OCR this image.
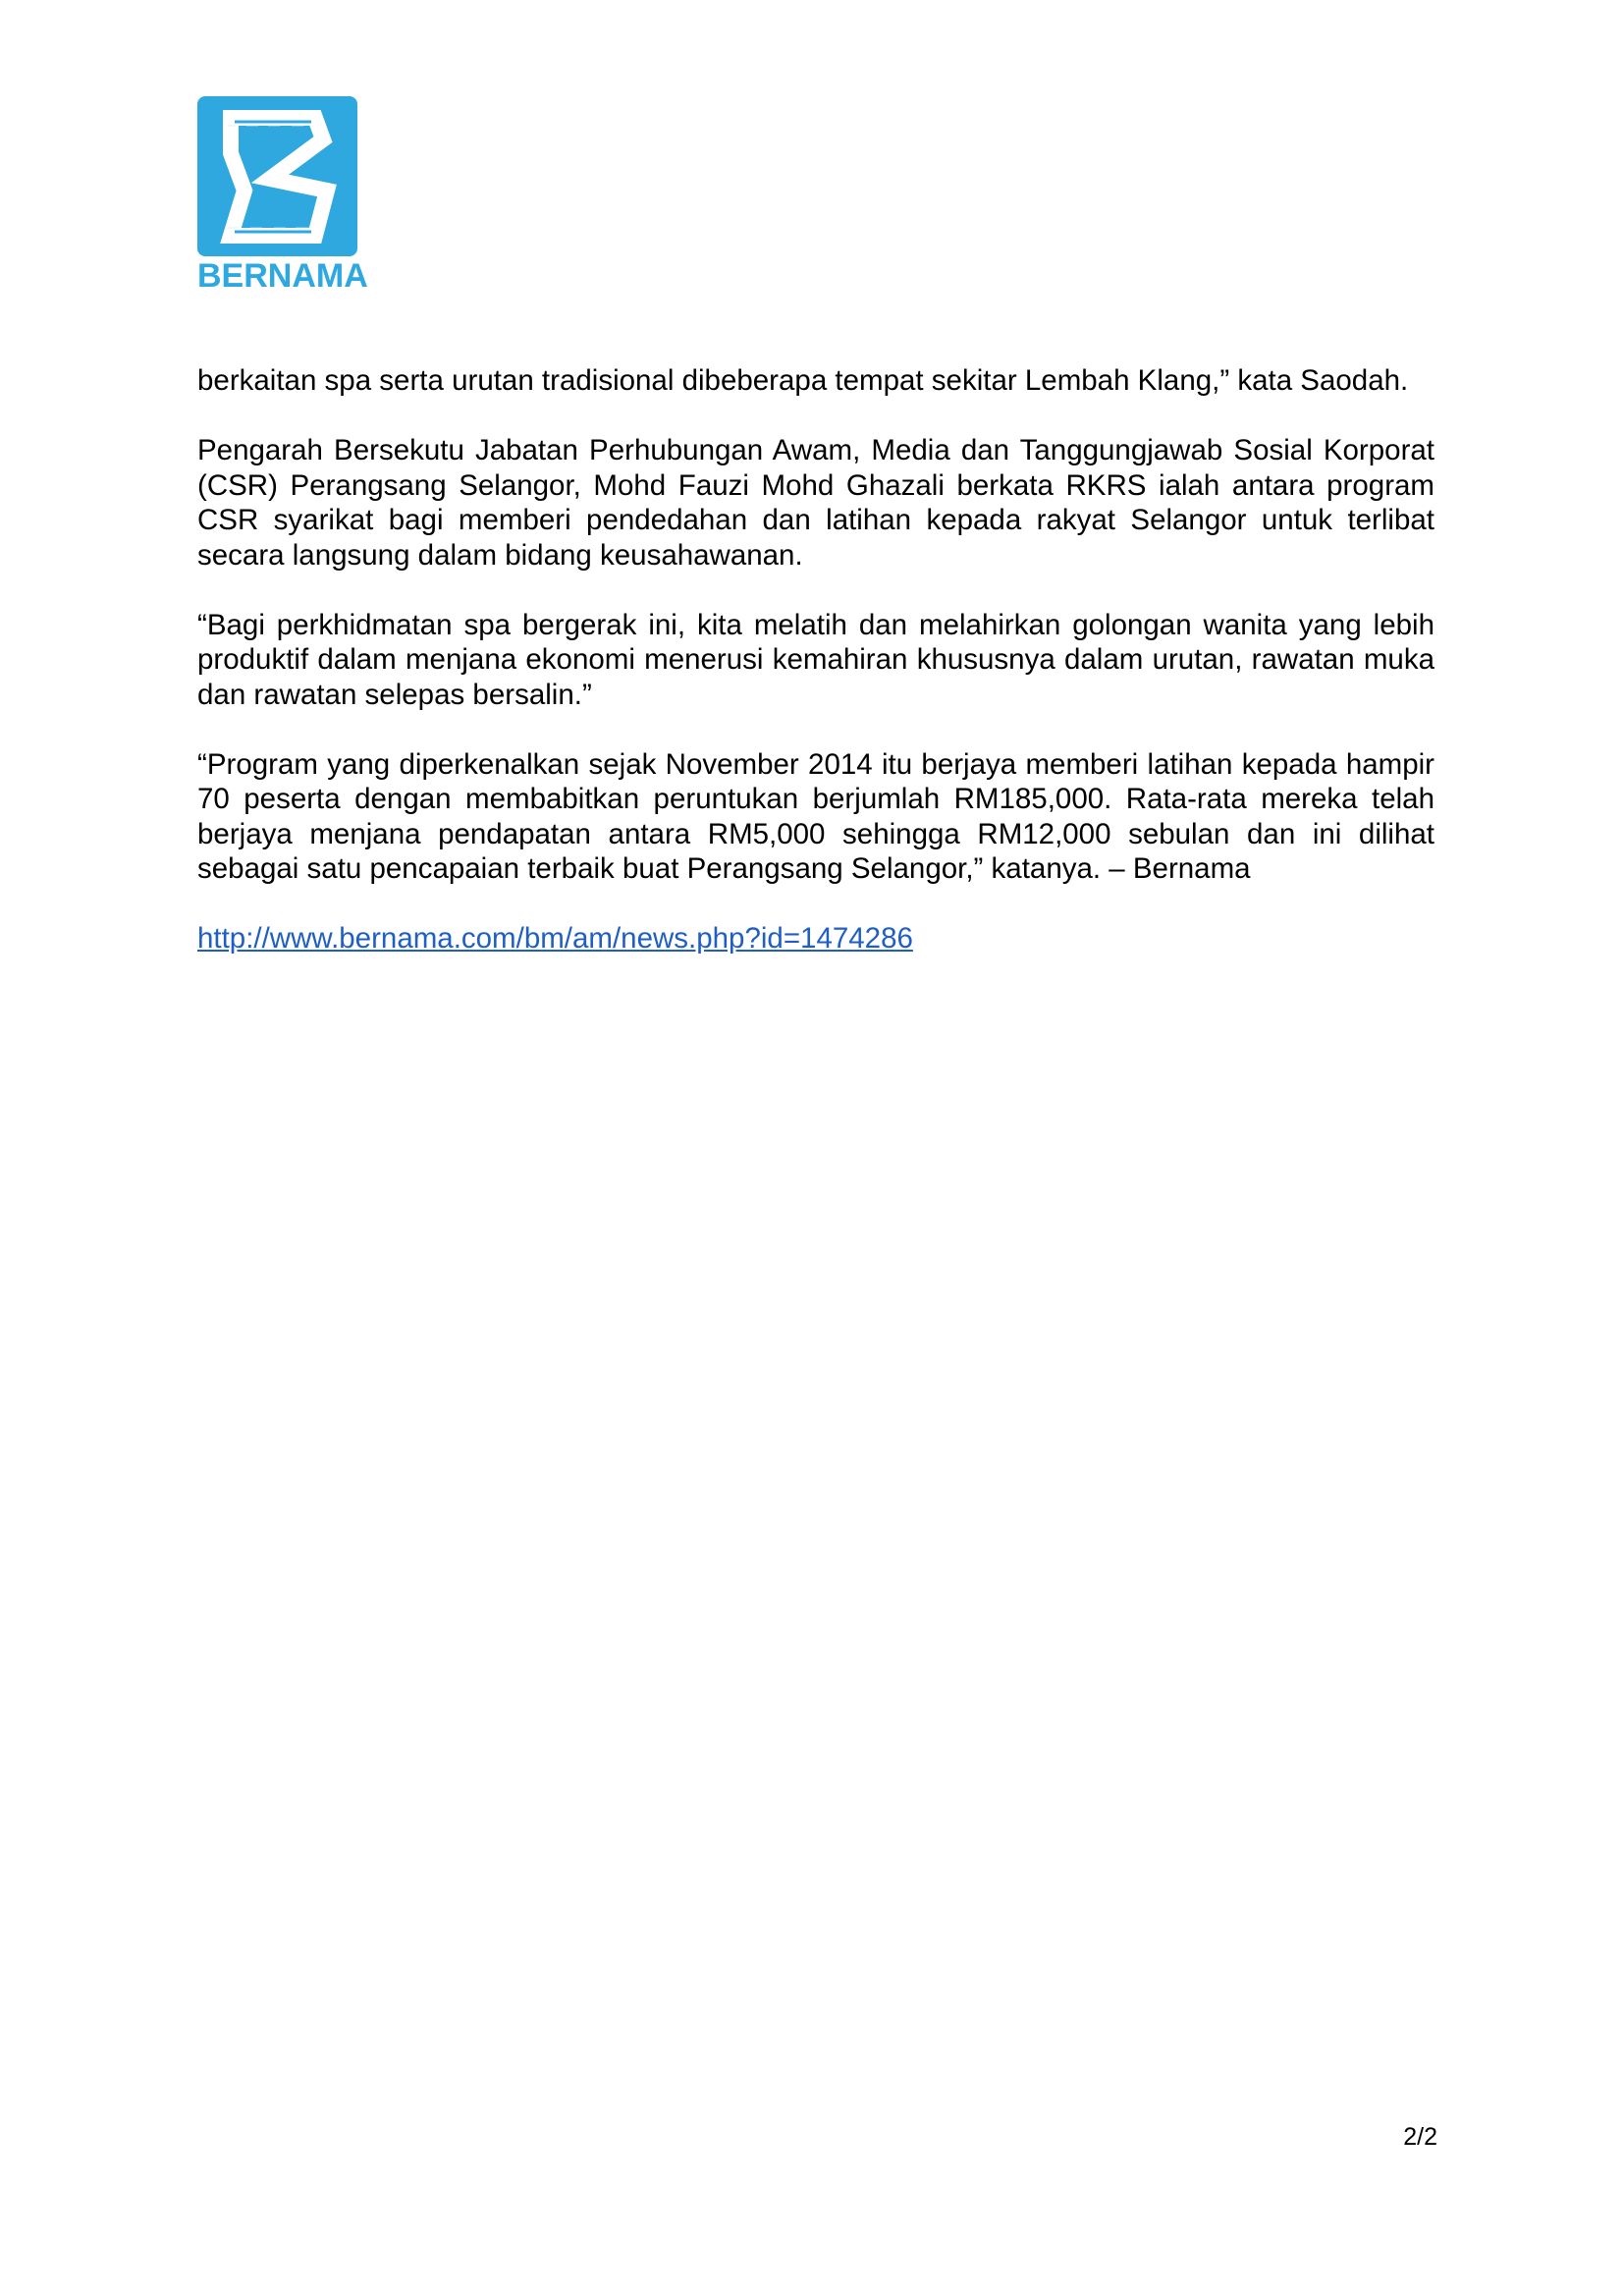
BERNAMA

berkaitan spa serta urutan tradisional dibeberapa tempat sekitar Lembah Klang,” kata Saodah.

Pengarah Bersekutu Jabatan Perhubungan Awam, Media dan Tanggungjawab Sosial Korporat (CSR) Perangsang Selangor, Mohd Fauzi Mohd Ghazali berkata RKRS ialah antara program CSR syarikat bagi memberi pendedahan dan latihan kepada rakyat Selangor untuk terlibat secara langsung dalam bidang keusahawanan.

“Bagi perkhidmatan spa bergerak ini, kita melatih dan melahirkan golongan wanita yang lebih produktif dalam menjana ekonomi menerusi kemahiran khususnya dalam urutan, rawatan muka dan rawatan selepas bersalin.”

“Program yang diperkenalkan sejak November 2014 itu berjaya memberi latihan kepada hampir 70 peserta dengan membabitkan peruntukan berjumlah RM185,000. Rata-rata mereka telah berjaya menjana pendapatan antara RM5,000 sehingga RM12,000 sebulan dan ini dilihat sebagai satu pencapaian terbaik buat Perangsang Selangor,” katanya. – Bernama

http://www.bernama.com/bm/am/news.php?id=1474286
2/2
